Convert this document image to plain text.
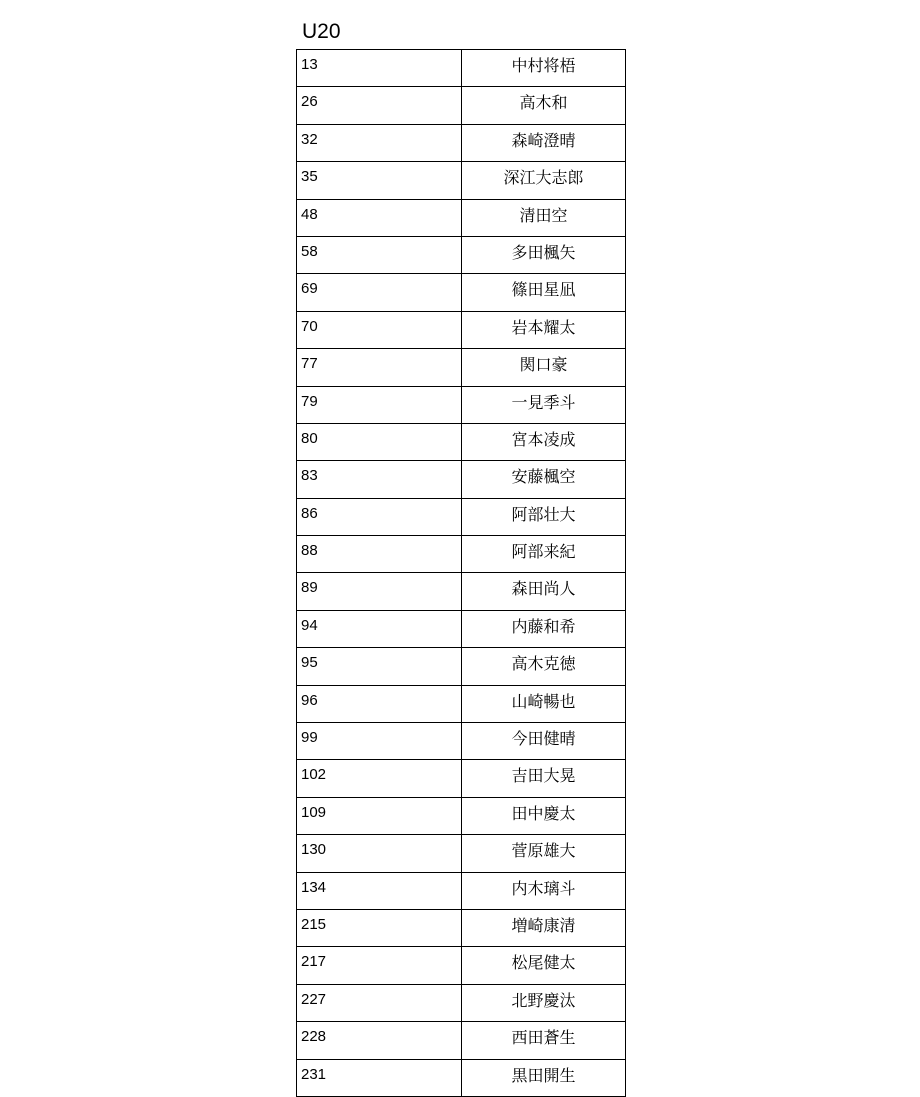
U20
13	中村将梧
26	高木和
32	森崎澄晴
35	深江大志郎
48	清田空
58	多田楓矢
69	篠田星凪
70	岩本耀太
77	関口豪
79	一見季斗
80	宮本凌成
83	安藤楓空
86	阿部壮大
88	阿部来紀
89	森田尚人
94	内藤和希
95	高木克徳
96	山崎暢也
99	今田健晴
102	吉田大晃
109	田中慶太
130	菅原雄大
134	内木璃斗
215	増崎康清
217	松尾健太
227	北野慶汰
228	西田蒼生
231	黒田開生
